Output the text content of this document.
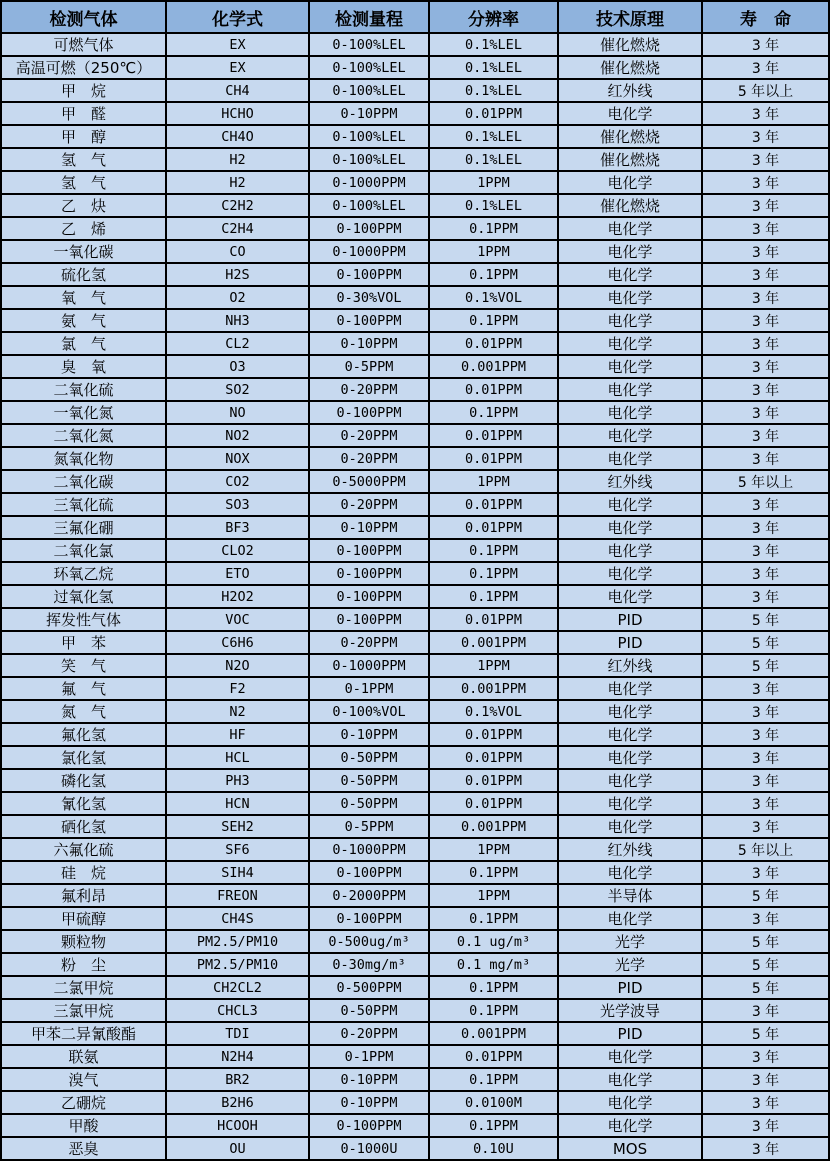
检测气体	化学式	检测量程	分辨率	技术原理	寿　命
可燃气体	EX	0-100%LEL	0.1%LEL	催化燃烧	3 年
高温可燃（250℃）	EX	0-100%LEL	0.1%LEL	催化燃烧	3 年
甲　烷	CH4	0-100%LEL	0.1%LEL	红外线	5 年以上
甲　醛	HCHO	0-10PPM	0.01PPM	电化学	3 年
甲　醇	CH4O	0-100%LEL	0.1%LEL	催化燃烧	3 年
氢　气	H2	0-100%LEL	0.1%LEL	催化燃烧	3 年
氢　气	H2	0-1000PPM	1PPM	电化学	3 年
乙　炔	C2H2	0-100%LEL	0.1%LEL	催化燃烧	3 年
乙　烯	C2H4	0-100PPM	0.1PPM	电化学	3 年
一氧化碳	CO	0-1000PPM	1PPM	电化学	3 年
硫化氢	H2S	0-100PPM	0.1PPM	电化学	3 年
氧　气	O2	0-30%VOL	0.1%VOL	电化学	3 年
氨　气	NH3	0-100PPM	0.1PPM	电化学	3 年
氯　气	CL2	0-10PPM	0.01PPM	电化学	3 年
臭　氧	O3	0-5PPM	0.001PPM	电化学	3 年
二氧化硫	SO2	0-20PPM	0.01PPM	电化学	3 年
一氧化氮	NO	0-100PPM	0.1PPM	电化学	3 年
二氧化氮	NO2	0-20PPM	0.01PPM	电化学	3 年
氮氧化物	NOX	0-20PPM	0.01PPM	电化学	3 年
二氧化碳	CO2	0-5000PPM	1PPM	红外线	5 年以上
三氧化硫	SO3	0-20PPM	0.01PPM	电化学	3 年
三氟化硼	BF3	0-10PPM	0.01PPM	电化学	3 年
二氧化氯	CLO2	0-100PPM	0.1PPM	电化学	3 年
环氧乙烷	ETO	0-100PPM	0.1PPM	电化学	3 年
过氧化氢	H2O2	0-100PPM	0.1PPM	电化学	3 年
挥发性气体	VOC	0-100PPM	0.01PPM	PID	5 年
甲　苯	C6H6	0-20PPM	0.001PPM	PID	5 年
笑　气	N2O	0-1000PPM	1PPM	红外线	5 年
氟　气	F2	0-1PPM	0.001PPM	电化学	3 年
氮　气	N2	0-100%VOL	0.1%VOL	电化学	3 年
氟化氢	HF	0-10PPM	0.01PPM	电化学	3 年
氯化氢	HCL	0-50PPM	0.01PPM	电化学	3 年
磷化氢	PH3	0-50PPM	0.01PPM	电化学	3 年
氰化氢	HCN	0-50PPM	0.01PPM	电化学	3 年
硒化氢	SEH2	0-5PPM	0.001PPM	电化学	3 年
六氟化硫	SF6	0-1000PPM	1PPM	红外线	5 年以上
硅　烷	SIH4	0-100PPM	0.1PPM	电化学	3 年
氟利昂	FREON	0-2000PPM	1PPM	半导体	5 年
甲硫醇	CH4S	0-100PPM	0.1PPM	电化学	3 年
颗粒物	PM2.5/PM10	0-500ug/m³	0.1 ug/m³	光学	5 年
粉　尘	PM2.5/PM10	0-30mg/m³	0.1 mg/m³	光学	5 年
二氯甲烷	CH2CL2	0-500PPM	0.1PPM	PID	5 年
三氯甲烷	CHCL3	0-50PPM	0.1PPM	光学波导	3 年
甲苯二异氰酸酯	TDI	0-20PPM	0.001PPM	PID	5 年
联氨	N2H4	0-1PPM	0.01PPM	电化学	3 年
溴气	BR2	0-10PPM	0.1PPM	电化学	3 年
乙硼烷	B2H6	0-10PPM	0.0100M	电化学	3 年
甲酸	HCOOH	0-100PPM	0.1PPM	电化学	3 年
恶臭	OU	0-1000U	0.10U	MOS	3 年
